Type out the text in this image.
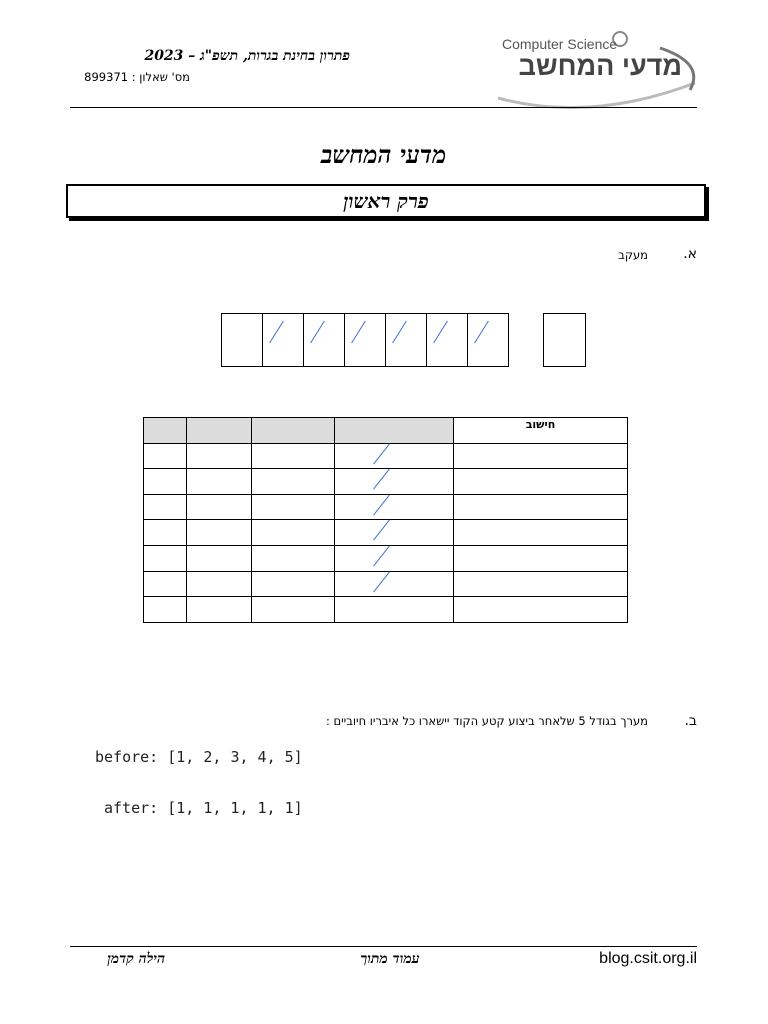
פתרון בחינת בגרות, תשפ"ג – 2023
מס' שאלון : 899371
Computer Science
מדעי המחשב
מדעי המחשב
פרק ראשון
א.
מעקב
				חישוב

ב.
מערך בגודל 5 שלאחר ביצוע קטע הקוד יישארו כל איבריו חיוביים :
before: [1, 2, 3, 4, 5]
after: [1, 1, 1, 1, 1]
הילה קדמן	עמוד מתוך	blog.csit.org.il
